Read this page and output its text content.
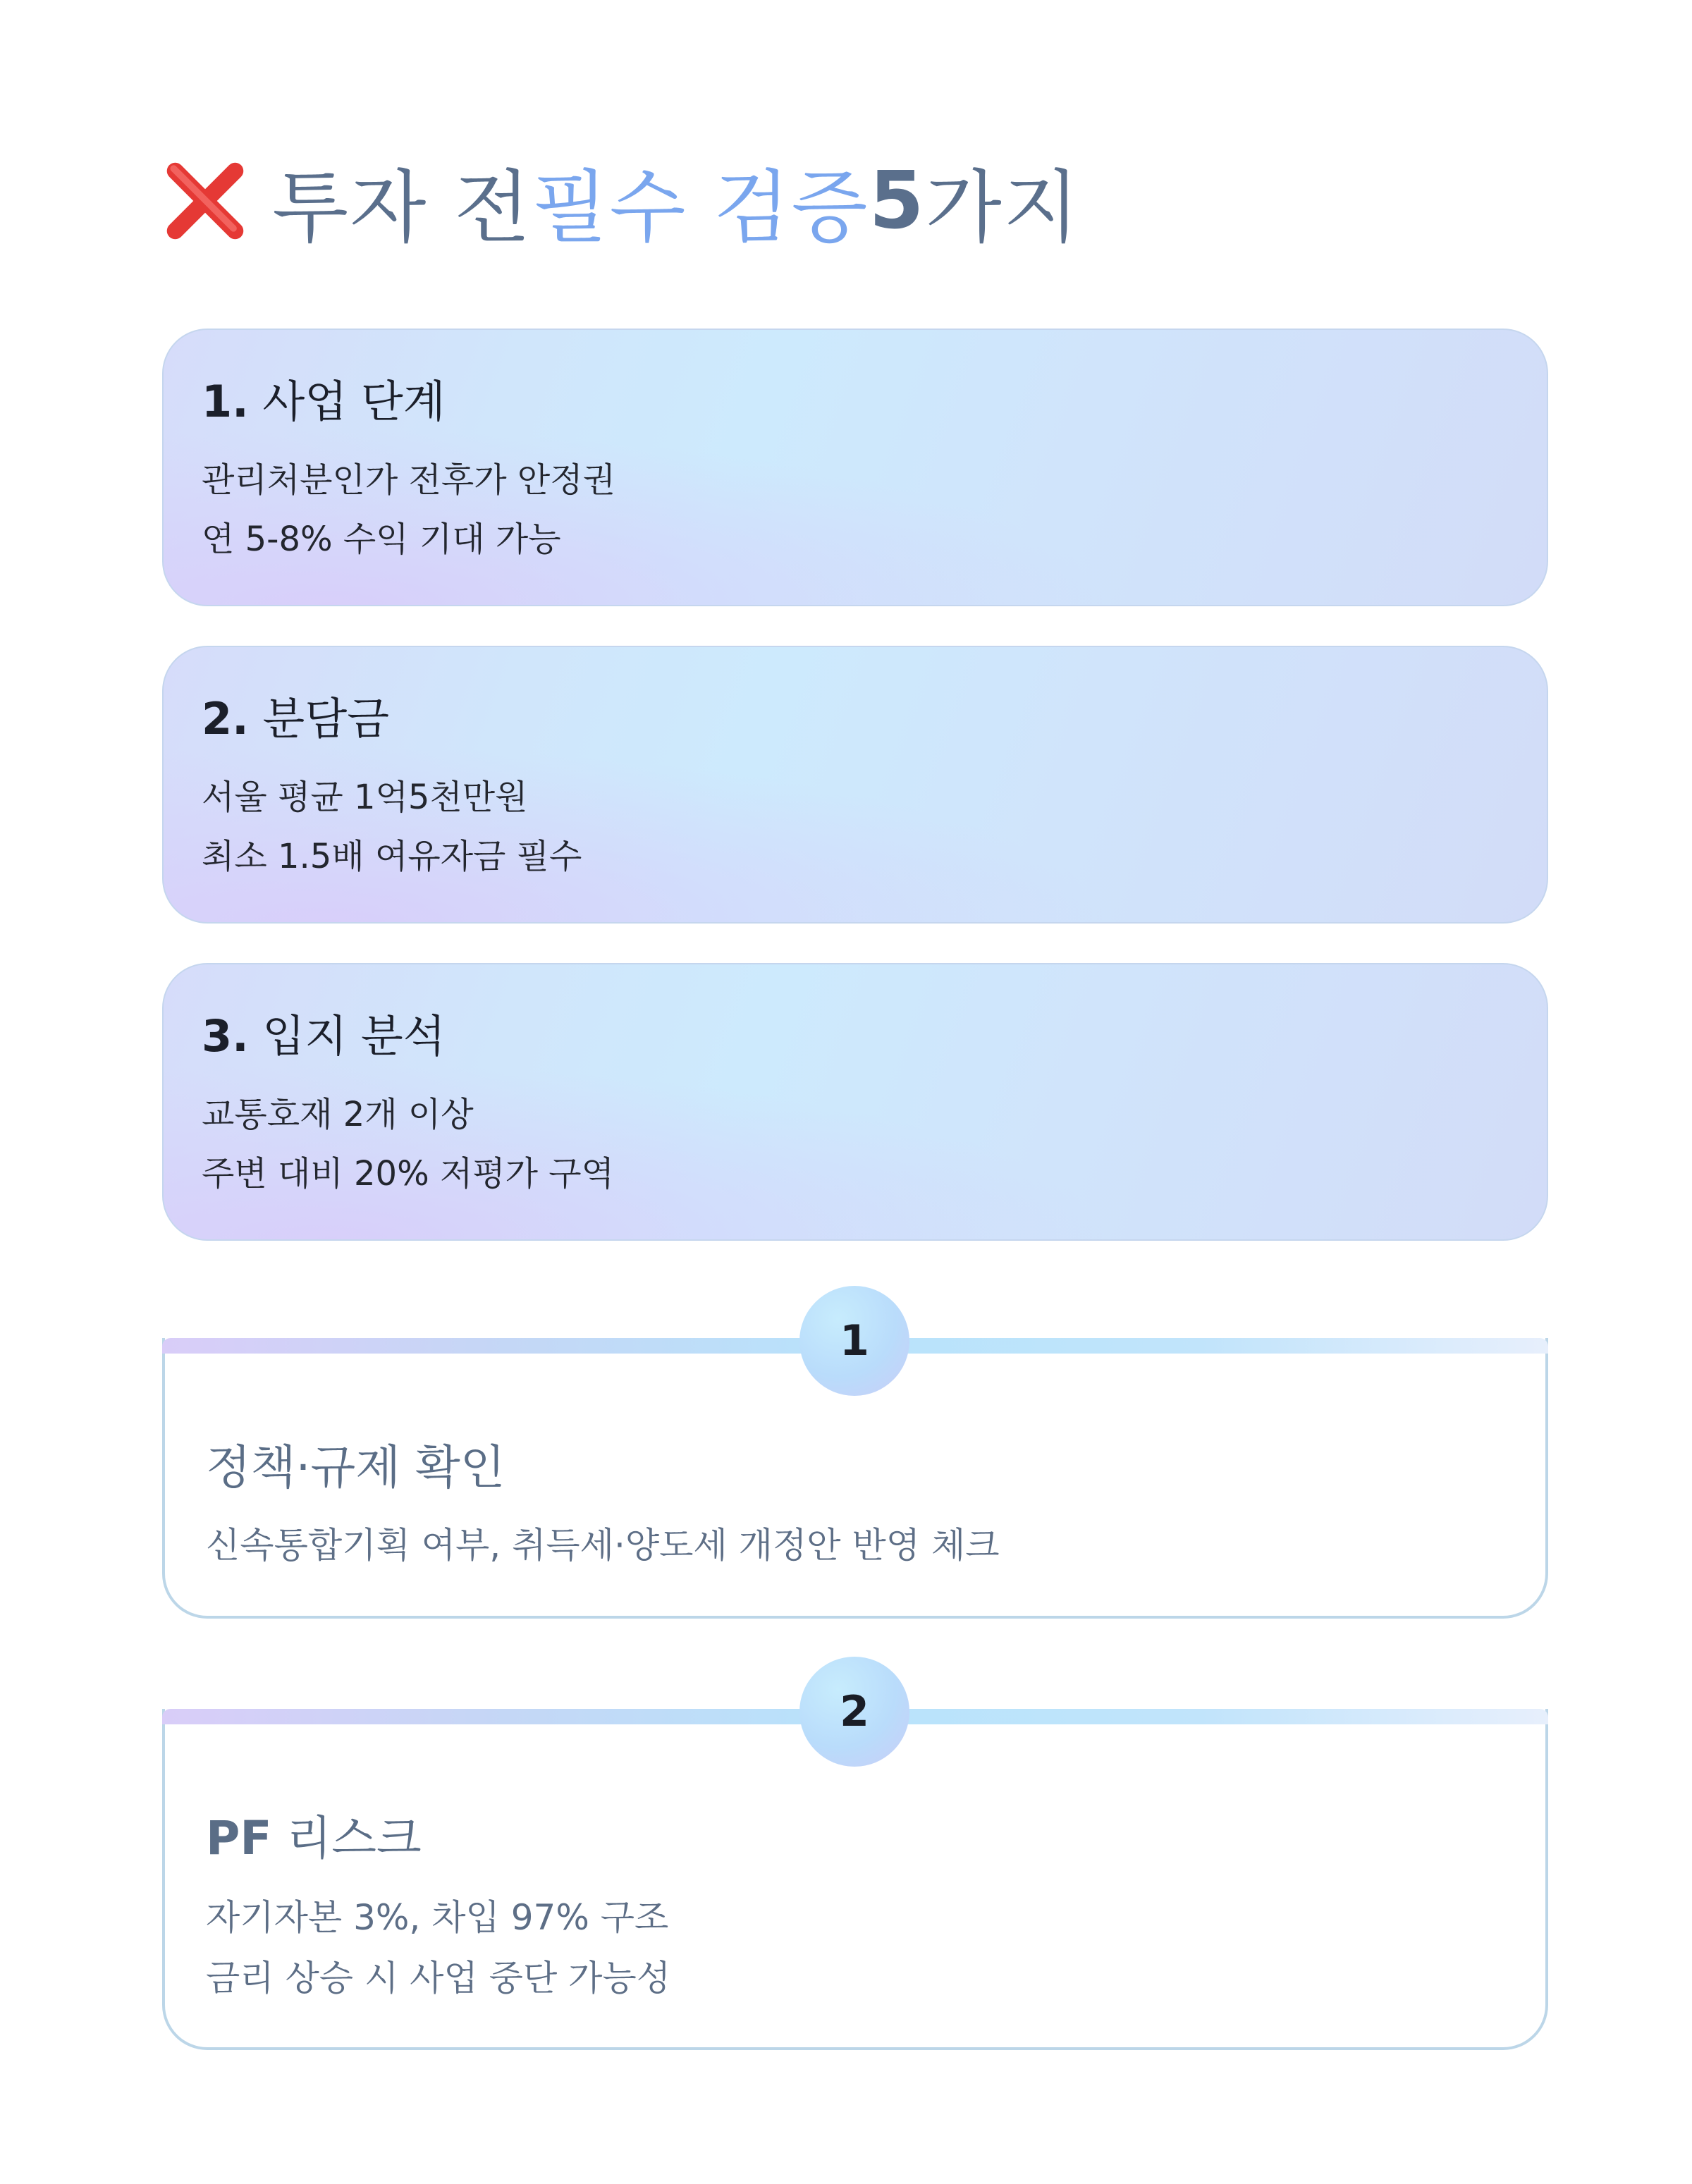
투자 전 필수 검증 5 가지
1. 사업 단계
관리처분인가 전후가 안정권
연 5-8% 수익 기대 가능
2. 분담금
서울 평균 1억5천만원
최소 1.5배 여유자금 필수
3. 입지 분석
교통호재 2개 이상
주변 대비 20% 저평가 구역
1
정책·규제 확인
신속통합기획 여부, 취득세·양도세 개정안 반영 체크
2
PF 리스크
자기자본 3%, 차입 97% 구조
금리 상승 시 사업 중단 가능성
